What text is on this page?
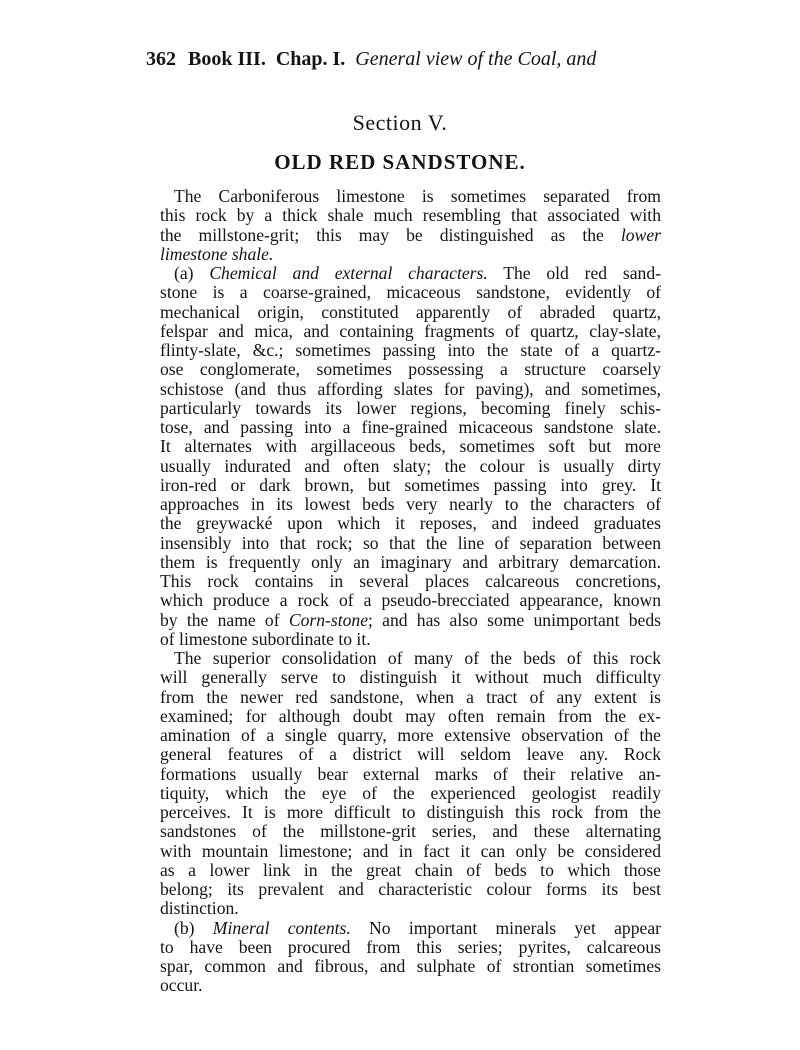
362 Book III. Chap. I. General view of the Coal, and
Section V.
OLD RED SANDSTONE.
The Carboniferous limestone is sometimes separated from
this rock by a thick shale much resembling that associated with
the millstone-grit; this may be distinguished as the lower
limestone shale.
(a) Chemical and external characters. The old red sand-
stone is a coarse-grained, micaceous sandstone, evidently of
mechanical origin, constituted apparently of abraded quartz,
felspar and mica, and containing fragments of quartz, clay-slate,
flinty-slate, &c.; sometimes passing into the state of a quartz-
ose conglomerate, sometimes possessing a structure coarsely
schistose (and thus affording slates for paving), and sometimes,
particularly towards its lower regions, becoming finely schis-
tose, and passing into a fine-grained micaceous sandstone slate.
It alternates with argillaceous beds, sometimes soft but more
usually indurated and often slaty; the colour is usually dirty
iron-red or dark brown, but sometimes passing into grey. It
approaches in its lowest beds very nearly to the characters of
the greywacké upon which it reposes, and indeed graduates
insensibly into that rock; so that the line of separation between
them is frequently only an imaginary and arbitrary demarcation.
This rock contains in several places calcareous concretions,
which produce a rock of a pseudo-brecciated appearance, known
by the name of Corn-stone; and has also some unimportant beds
of limestone subordinate to it.
The superior consolidation of many of the beds of this rock
will generally serve to distinguish it without much difficulty
from the newer red sandstone, when a tract of any extent is
examined; for although doubt may often remain from the ex-
amination of a single quarry, more extensive observation of the
general features of a district will seldom leave any. Rock
formations usually bear external marks of their relative an-
tiquity, which the eye of the experienced geologist readily
perceives. It is more difficult to distinguish this rock from the
sandstones of the millstone-grit series, and these alternating
with mountain limestone; and in fact it can only be considered
as a lower link in the great chain of beds to which those
belong; its prevalent and characteristic colour forms its best
distinction.
(b) Mineral contents. No important minerals yet appear
to have been procured from this series; pyrites, calcareous
spar, common and fibrous, and sulphate of strontian sometimes
occur.
